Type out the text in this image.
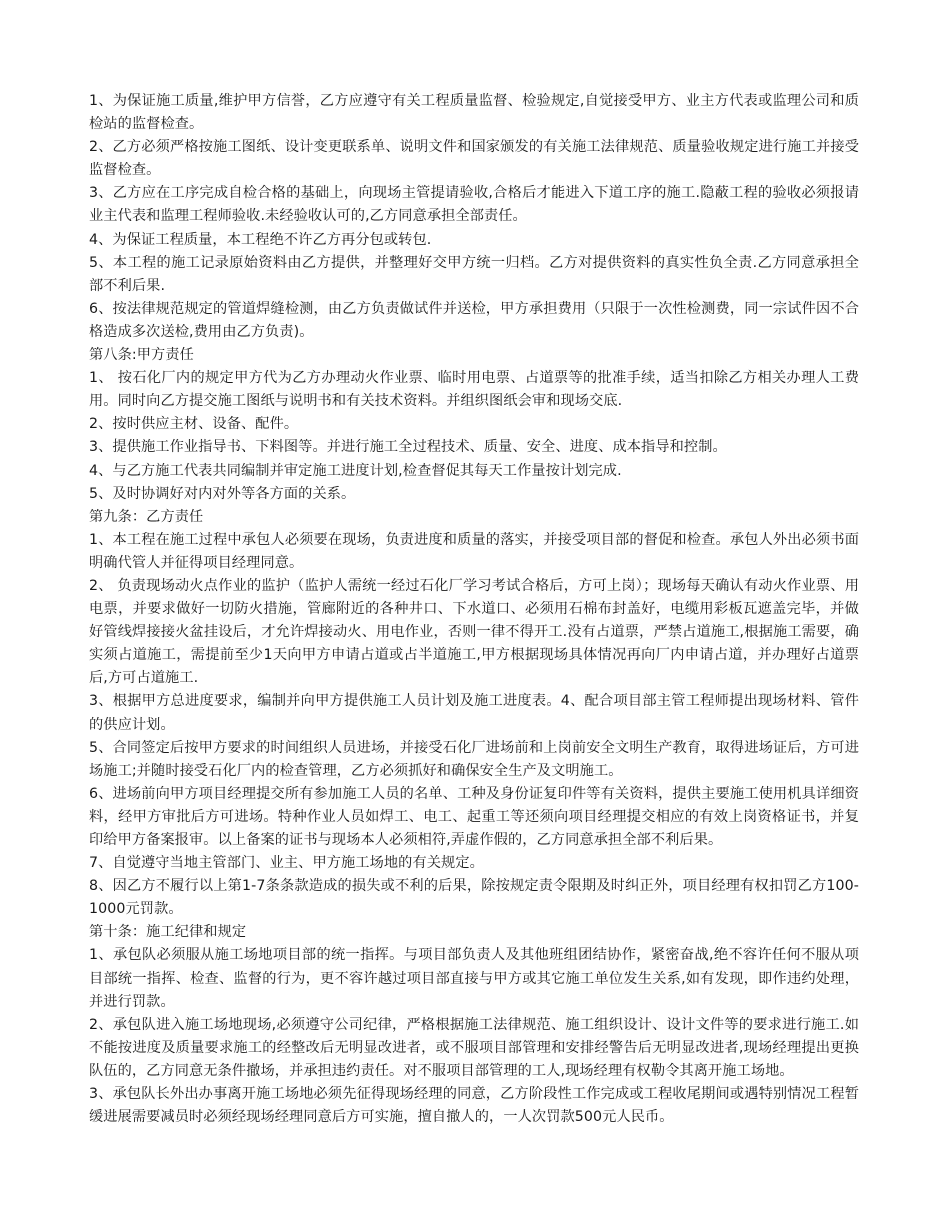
1、为保证施工质量,维护甲方信誉，乙方应遵守有关工程质量监督、检验规定,自觉接受甲方、业主方代表或监理公司和质检站的监督检查。

2、乙方必须严格按施工图纸、设计变更联系单、说明文件和国家颁发的有关施工法律规范、质量验收规定进行施工并接受监督检查。

3、乙方应在工序完成自检合格的基础上，向现场主管提请验收,合格后才能进入下道工序的施工.隐蔽工程的验收必须报请业主代表和监理工程师验收.未经验收认可的,乙方同意承担全部责任。

4、为保证工程质量，本工程绝不许乙方再分包或转包.

5、本工程的施工记录原始资料由乙方提供，并整理好交甲方统一归档。乙方对提供资料的真实性负全责.乙方同意承担全部不利后果.

6、按法律规范规定的管道焊缝检测，由乙方负责做试件并送检，甲方承担费用（只限于一次性检测费，同一宗试件因不合格造成多次送检,费用由乙方负责)。

第八条:甲方责任

1、 按石化厂内的规定甲方代为乙方办理动火作业票、临时用电票、占道票等的批准手续，适当扣除乙方相关办理人工费用。同时向乙方提交施工图纸与说明书和有关技术资料。并组织图纸会审和现场交底.

2、按时供应主材、设备、配件。

3、提供施工作业指导书、下料图等。并进行施工全过程技术、质量、安全、进度、成本指导和控制。

4、与乙方施工代表共同编制并审定施工进度计划,检查督促其每天工作量按计划完成.

5、及时协调好对内对外等各方面的关系。

第九条：乙方责任

1、本工程在施工过程中承包人必须要在现场，负责进度和质量的落实，并接受项目部的督促和检查。承包人外出必须书面明确代管人并征得项目经理同意。

2、 负责现场动火点作业的监护（监护人需统一经过石化厂学习考试合格后，方可上岗）；现场每天确认有动火作业票、用电票，并要求做好一切防火措施，管廊附近的各种井口、下水道口、必须用石棉布封盖好，电缆用彩板瓦遮盖完毕，并做好管线焊接接火盆挂设后，才允许焊接动火、用电作业，否则一律不得开工.没有占道票，严禁占道施工,根据施工需要，确实须占道施工，需提前至少1天向甲方申请占道或占半道施工,甲方根据现场具体情况再向厂内申请占道，并办理好占道票后,方可占道施工.

3、根据甲方总进度要求，编制并向甲方提供施工人员计划及施工进度表。4、配合项目部主管工程师提出现场材料、管件的供应计划。

5、合同签定后按甲方要求的时间组织人员进场，并接受石化厂进场前和上岗前安全文明生产教育，取得进场证后，方可进场施工;并随时接受石化厂内的检查管理，乙方必须抓好和确保安全生产及文明施工。

6、进场前向甲方项目经理提交所有参加施工人员的名单、工种及身份证复印件等有关资料，提供主要施工使用机具详细资料，经甲方审批后方可进场。特种作业人员如焊工、电工、起重工等还须向项目经理提交相应的有效上岗资格证书，并复印给甲方备案报审。以上备案的证书与现场本人必须相符,弄虚作假的，乙方同意承担全部不利后果。

7、自觉遵守当地主管部门、业主、甲方施工场地的有关规定。

8、因乙方不履行以上第1-7条条款造成的损失或不利的后果，除按规定责令限期及时纠正外，项目经理有权扣罚乙方100-1000元罚款。

第十条：施工纪律和规定

1、承包队必须服从施工场地项目部的统一指挥。与项目部负责人及其他班组团结协作，紧密奋战,绝不容许任何不服从项目部统一指挥、检查、监督的行为，更不容许越过项目部直接与甲方或其它施工单位发生关系,如有发现，即作违约处理，并进行罚款。

2、承包队进入施工场地现场,必须遵守公司纪律，严格根据施工法律规范、施工组织设计、设计文件等的要求进行施工.如不能按进度及质量要求施工的经整改后无明显改进者，或不服项目部管理和安排经警告后无明显改进者,现场经理提出更换队伍的，乙方同意无条件撤场，并承担违约责任。对不服项目部管理的工人,现场经理有权勒令其离开施工场地。

3、承包队长外出办事离开施工场地必须先征得现场经理的同意，乙方阶段性工作完成或工程收尾期间或遇特别情况工程暂缓进展需要减员时必须经现场经理同意后方可实施，擅自撤人的，一人次罚款500元人民币。
